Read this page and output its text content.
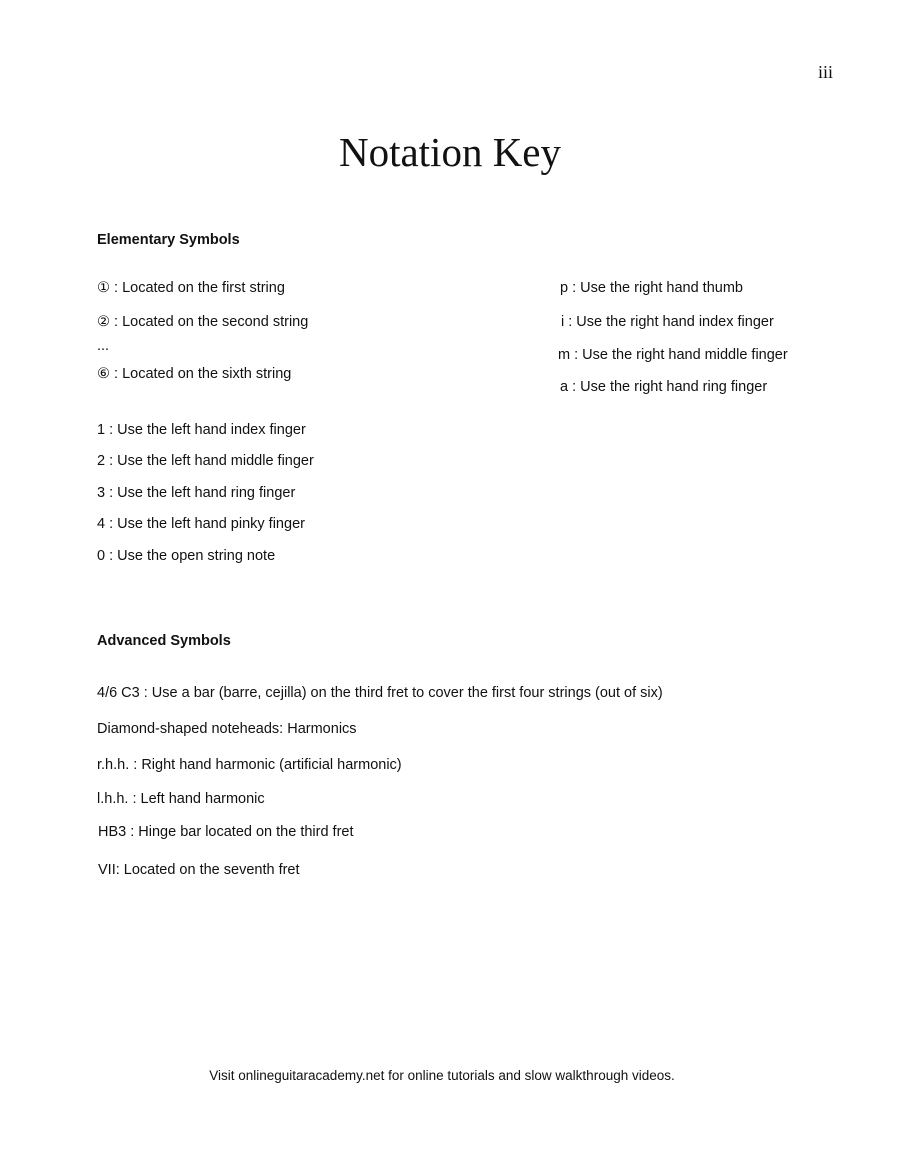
iii
Notation Key
Elementary Symbols

① : Located on the first string

② : Located on the second string

...

⑥ : Located on the sixth string

p : Use the right hand thumb

i : Use the right hand index finger

m : Use the right hand middle finger

a : Use the right hand ring finger

1 : Use the left hand index finger

2 : Use the left hand middle finger

3 : Use the left hand ring finger

4 : Use the left hand pinky finger

0 : Use the open string note

Advanced Symbols

4/6 C3 : Use a bar (barre, cejilla) on the third fret to cover the first four strings (out of six)

Diamond-shaped noteheads: Harmonics

r.h.h. : Right hand harmonic (artificial harmonic)

l.h.h. : Left hand harmonic

HB3 : Hinge bar located on the third fret

VII: Located on the seventh fret

Visit onlineguitaracademy.net for online tutorials and slow walkthrough videos.
